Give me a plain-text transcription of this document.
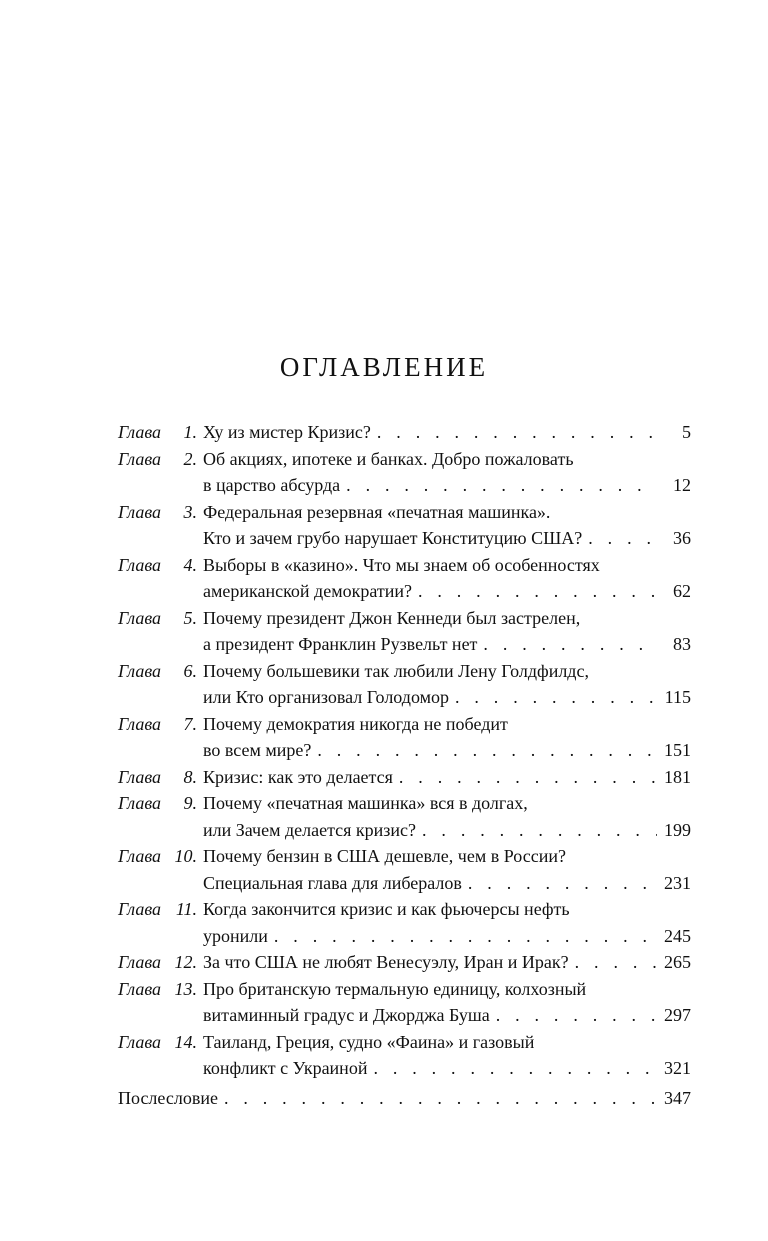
ОГЛАВЛЕНИЕ
Глава 1. Ху из мистер Кризис? . . .	5
Глава 2. Об акциях, ипотеке и банках. Добро пожаловать
в царство абсурда . . .	12
Глава 3. Федеральная резервная «печатная машинка».
Кто и зачем грубо нарушает Конституцию США? . . .	36
Глава 4. Выборы в «казино». Что мы знаем об особенностях
американской демократии? . . .	62
Глава 5. Почему президент Джон Кеннеди был застрелен,
а президент Франклин Рузвельт нет . . .	83
Глава 6. Почему большевики так любили Лену Голдфилдс,
или Кто организовал Голодомор . . .	115
Глава 7. Почему демократия никогда не победит
во всем мире? . . .	151
Глава 8. Кризис: как это делается . . .	181
Глава 9. Почему «печатная машинка» вся в долгах,
или Зачем делается кризис? . . .	199
Глава 10. Почему бензин в США дешевле, чем в России?
Специальная глава для либералов . . .	231
Глава 11. Когда закончится кризис и как фьючерсы нефть
уронили . . .	245
Глава 12. За что США не любят Венесуэлу, Иран и Ирак? . . .	265
Глава 13. Про британскую термальную единицу, колхозный
витаминный градус и Джорджа Буша . . .	297
Глава 14. Таиланд, Греция, судно «Фаина» и газовый
конфликт с Украиной . . .	321
Послесловие . . .	347
